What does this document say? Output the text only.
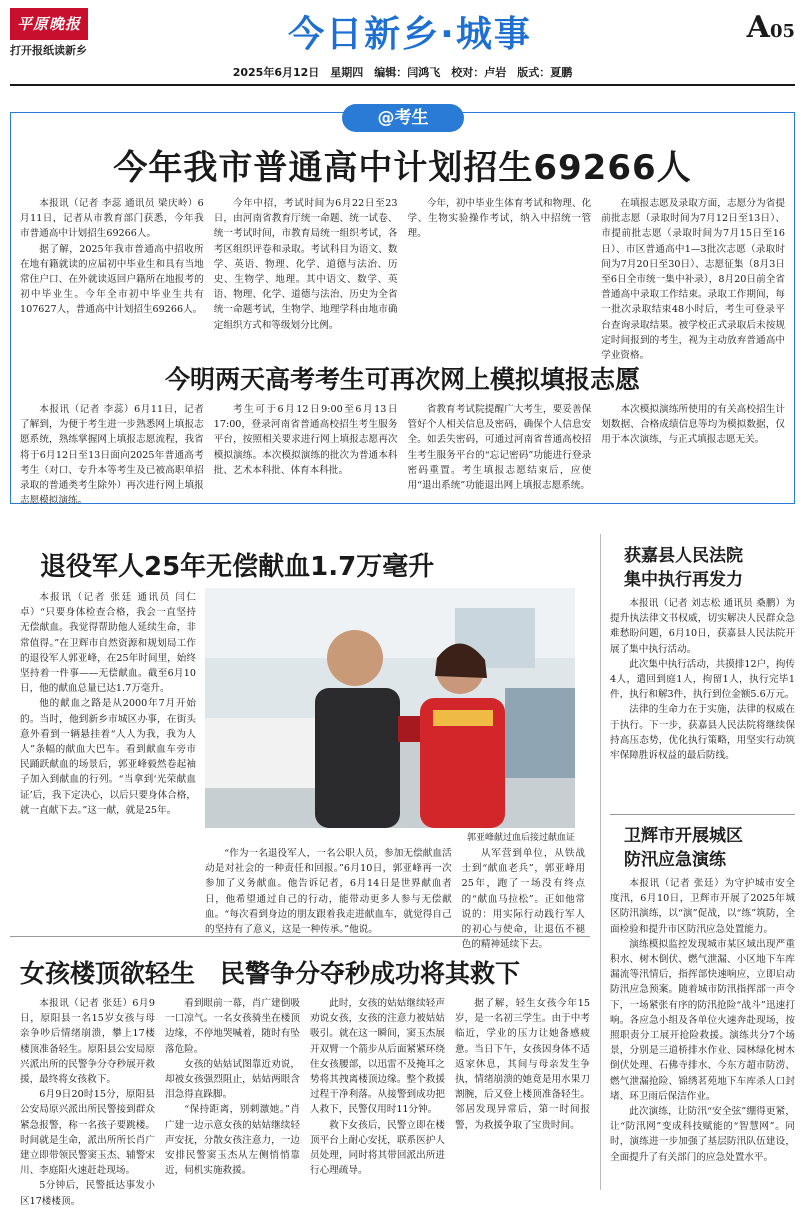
平原晚报
打开报纸读新乡	今日新乡·城事	A05
2025年6月12日　星期四　编辑：闫鸿飞　校对：卢岩　版式：夏鹏
@考生
今年我市普通高中计划招生69266人

本报讯（记者 李蕊 通讯员 梁庆岭）6月11日，记者从市教育部门获悉，今年我市普通高中计划招生69266人。

据了解，2025年我市普通高中招收所在地有籍就读的应届初中毕业生和具有当地常住户口、在外就读返回户籍所在地报考的初中毕业生。今年全市初中毕业生共有107627人，普通高中计划招生69266人。

今年中招，考试时间为6月22日至23日，由河南省教育厅统一命题、统一试卷、统一考试时间，市教育局统一组织考试，各考区组织评卷和录取。考试科目为语文、数学、英语、物理、化学、道德与法治、历史、生物学、地理。其中语文、数学、英语、物理、化学、道德与法治、历史为全省统一命题考试，生物学、地理学科由地市确定组织方式和等级划分比例。

今年，初中毕业生体育考试和物理、化学、生物实验操作考试，纳入中招统一管理。

在填报志愿及录取方面，志愿分为省提前批志愿（录取时间为7月12日至13日）、市提前批志愿（录取时间为7月15日至16日）、市区普通高中1—3批次志愿（录取时间为7月20日至30日）、志愿征集（8月3日至6日全市统一集中补录），8月20日前全省普通高中录取工作结束。录取工作期间，每一批次录取结束48小时后，考生可登录平台查询录取结果。被学校正式录取后未按规定时间报到的考生，视为主动放弃普通高中学业资格。

今明两天高考考生可再次网上模拟填报志愿

本报讯（记者 李蕊）6月11日，记者了解到，为便于考生进一步熟悉网上填报志愿系统，熟练掌握网上填报志愿流程，我省将于6月12日至13日面向2025年普通高考考生（对口、专升本等考生及已被高职单招录取的普通类考生除外）再次进行网上填报志愿模拟演练。

考生可于6月12日9:00至6月13日17:00，登录河南省普通高校招生考生服务平台，按照相关要求进行网上填报志愿再次模拟演练。本次模拟演练的批次为普通本科批、艺术本科批、体育本科批。

省教育考试院提醒广大考生，要妥善保管好个人相关信息及密码，确保个人信息安全。如丢失密码，可通过河南省普通高校招生考生服务平台的“忘记密码”功能进行登录密码重置。考生填报志愿结束后，应使用“退出系统”功能退出网上填报志愿系统。

本次模拟演练所使用的有关高校招生计划数据、合格成绩信息等均为模拟数据，仅用于本次演练，与正式填报志愿无关。

退役军人25年无偿献血1.7万毫升

本报讯（记者 张廷 通讯员 闫仁卓）“只要身体检查合格，我会一直坚持无偿献血。我觉得帮助他人延续生命，非常值得。”在卫辉市自然资源和规划局工作的退役军人郭亚峰，在25年时间里，始终坚持着一件事——无偿献血。截至6月10日，他的献血总量已达1.7万毫升。

他的献血之路是从2000年7月开始的。当时，他到新乡市城区办事，在街头意外看到一辆悬挂着“人人为我，我为人人”条幅的献血大巴车。看到献血车旁市民踊跃献血的场景后，郭亚峰毅然卷起袖子加入到献血的行列。“当拿到‘光荣献血证’后，我下定决心，以后只要身体合格，就一直献下去。”这一献，就是25年。

郭亚峰献过血后接过献血证

“作为一名退役军人，一名公职人员，参加无偿献血活动是对社会的一种责任和回报。”6月10日，郭亚峰再一次参加了义务献血。他告诉记者，6月14日是世界献血者日，他希望通过自己的行动，能带动更多人参与无偿献血。“每次看到身边的朋友跟着我走进献血车，就觉得自己的坚持有了意义，这是一种传承。”他说。

从军营到单位，从铁战士到“献血老兵”，郭亚峰用25年，跑了一场没有终点的“献血马拉松”。正如他常说的：用实际行动践行军人的初心与使命，让退伍不褪色的精神延续下去。

获嘉县人民法院
集中执行再发力

本报讯（记者 刘志松 通讯员 桑鹏）为提升执法律文书权威，切实解决人民群众急难愁盼问题，6月10日，获嘉县人民法院开展了集中执行活动。

此次集中执行活动，共摸排12户，拘传4人，遣回到庭1人，拘留1人，执行完毕1件，执行和解3件，执行到位金额5.6万元。

法律的生命力在于实施，法律的权威在于执行。下一步，获嘉县人民法院将继续保持高压态势，优化执行策略，用坚实行动筑牢保障胜诉权益的最后防线。

卫辉市开展城区
防汛应急演练

本报讯（记者 张廷）为守护城市安全度汛，6月10日，卫辉市开展了2025年城区防汛演练，以“演”促战，以“练”筑防，全面检验和提升市区防汛应急处置能力。

演练模拟监控发现城市某区域出现严重积水、树木倒伏、燃气泄漏、小区地下车库漏流等汛情后，指挥部快速响应，立即启动防汛应急预案。随着城市防汛指挥部一声令下，一场紧张有序的防汛抢险“战斗”迅速打响。各应急小组及各单位火速奔赴现场，按照职责分工展开抢险救援。演练共分7个场景，分别是三道桥排水作业、园林绿化树木倒伏处理、石佛寺排水、今东方超市防涝、燃气泄漏抢险、锦绣茗苑地下车库杀人口封堵、环卫雨后保洁作业。

此次演练，让防汛“安全弦”绷得更紧，让“防汛网”变成科技赋能的“智慧网”。同时，演练进一步加强了基层防汛队伍建设，全面提升了有关部门的应急处置水平。

女孩楼顶欲轻生　民警争分夺秒成功将其救下

本报讯（记者 张廷）6月9日，原阳县一名15岁女孩与母亲争吵后情绪崩溃，攀上17楼楼顶准备轻生。原阳县公安局原兴派出所的民警争分夺秒展开救援，最终将女孩救下。

6月9日20时15分，原阳县公安局原兴派出所民警接到群众紧急报警，称一名孩子要跳楼。时间就是生命，派出所所长肖广建立即带领民警窦玉杰、辅警宋川、李庭阳火速赶赴现场。

5分钟后，民警抵达事发小区17楼楼顶。

看到眼前一幕，肖广建倒吸一口凉气。一名女孩骑坐在楼顶边缘，不停地哭喊着，随时有坠落危险。

女孩的姑姑试图靠近劝说，却被女孩强烈阻止，姑姑两眼含泪急得直跺脚。

“保持距离，别刺激她。”肖广建一边示意女孩的姑姑继续轻声安抚，分散女孩注意力，一边安排民警窦玉杰从左侧悄悄靠近，伺机实施救援。

此时，女孩的姑姑继续轻声劝说女孩，女孩的注意力被姑姑吸引。就在这一瞬间，窦玉杰展开双臂一个箭步从后面紧紧环绕住女孩腰部，以迅雷不及掩耳之势将其拽离楼顶边缘。整个救援过程干净利落。从接警到成功把人救下，民警仅用时11分钟。

救下女孩后，民警立即在楼顶平台上耐心安抚，联系医护人员处理，同时将其带回派出所进行心理疏导。

据了解，轻生女孩今年15岁，是一名初三学生。由于中考临近，学业的压力让她备感疲惫。当日下午，女孩因身体不适返家休息，其间与母亲发生争执，情绪崩溃的她竟是用水果刀割腕，后又登上楼顶准备轻生。邻居发现异常后，第一时间报警，为救援争取了宝贵时间。
